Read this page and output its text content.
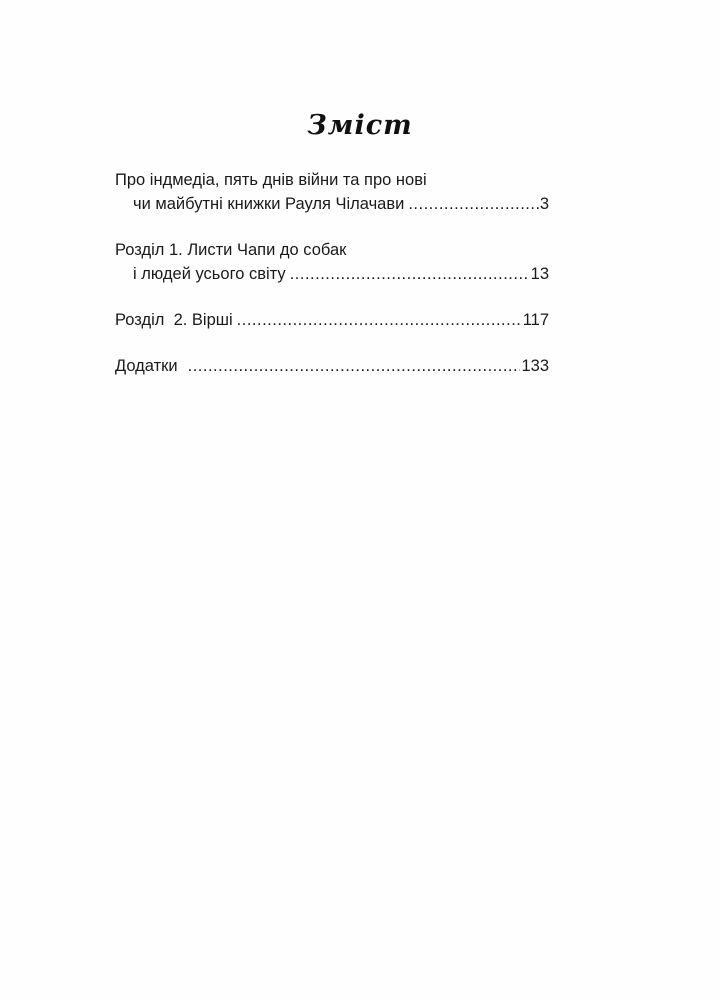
Зміст
Про індмедіа, пять днів війни та про нові
чи майбутні книжки Рауля Чілачави .....	3
Розділ 1. Листи Чапи до собак
і людей усього світу .....	13
Розділ  2. Вірші .....	117
Додатки .....	133
